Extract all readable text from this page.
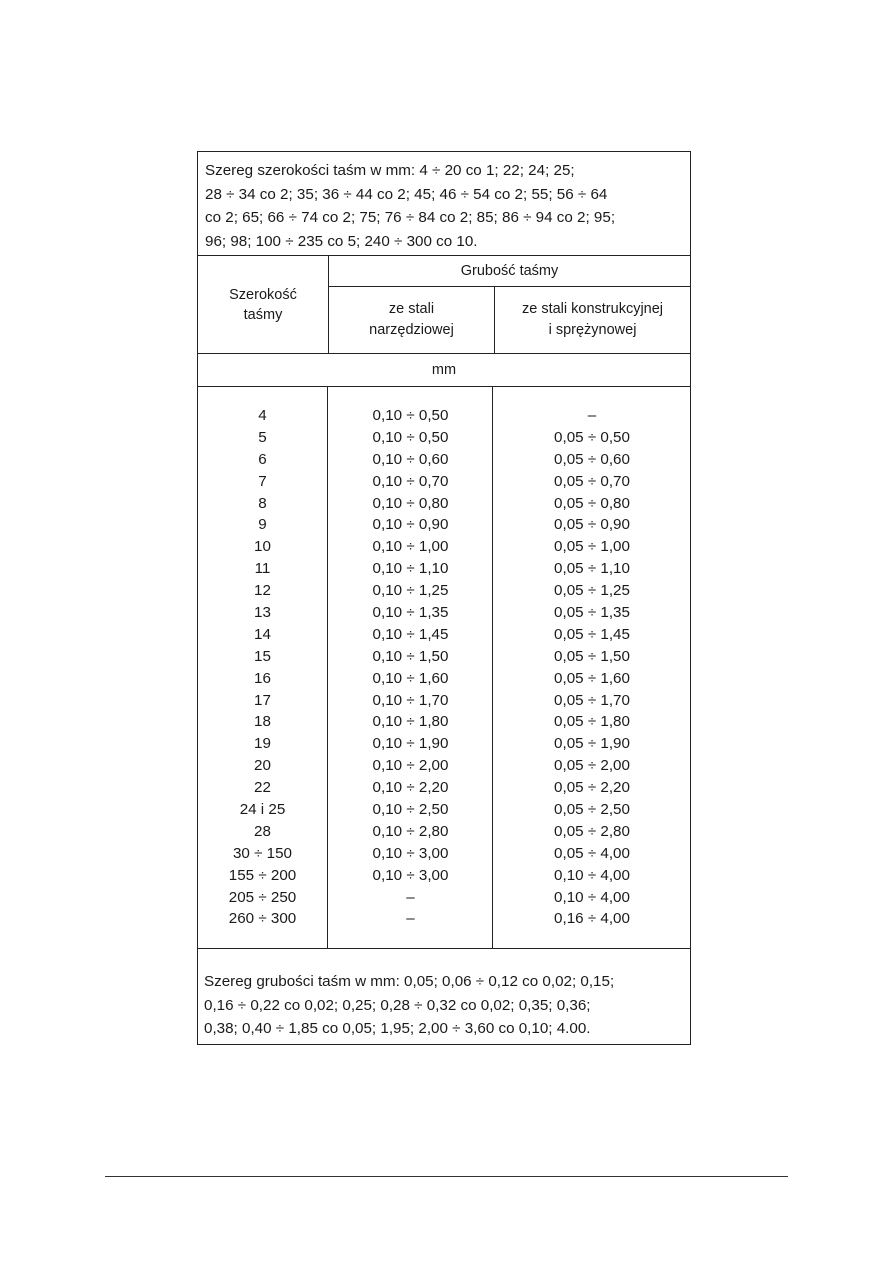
Szereg szerokości taśm w mm: 4 ÷ 20 co 1; 22; 24; 25;
28 ÷ 34 co 2; 35; 36 ÷ 44 co 2; 45; 46 ÷ 54 co 2; 55; 56 ÷ 64
co 2; 65; 66 ÷ 74 co 2; 75; 76 ÷ 84 co 2; 85; 86 ÷ 94 co 2; 95;
96; 98; 100 ÷ 235 co 5; 240 ÷ 300 co 10.
Szerokość
taśmy
Grubość taśmy
ze stali
narzędziowej
ze stali konstrukcyjnej
i sprężynowej
mm
4	0,10 ÷ 0,50	–
5	0,10 ÷ 0,50	0,05 ÷ 0,50
6	0,10 ÷ 0,60	0,05 ÷ 0,60
7	0,10 ÷ 0,70	0,05 ÷ 0,70
8	0,10 ÷ 0,80	0,05 ÷ 0,80
9	0,10 ÷ 0,90	0,05 ÷ 0,90
10	0,10 ÷ 1,00	0,05 ÷ 1,00
11	0,10 ÷ 1,10	0,05 ÷ 1,10
12	0,10 ÷ 1,25	0,05 ÷ 1,25
13	0,10 ÷ 1,35	0,05 ÷ 1,35
14	0,10 ÷ 1,45	0,05 ÷ 1,45
15	0,10 ÷ 1,50	0,05 ÷ 1,50
16	0,10 ÷ 1,60	0,05 ÷ 1,60
17	0,10 ÷ 1,70	0,05 ÷ 1,70
18	0,10 ÷ 1,80	0,05 ÷ 1,80
19	0,10 ÷ 1,90	0,05 ÷ 1,90
20	0,10 ÷ 2,00	0,05 ÷ 2,00
22	0,10 ÷ 2,20	0,05 ÷ 2,20
24 i 25	0,10 ÷ 2,50	0,05 ÷ 2,50
28	0,10 ÷ 2,80	0,05 ÷ 2,80
30 ÷ 150	0,10 ÷ 3,00	0,05 ÷ 4,00
155 ÷ 200	0,10 ÷ 3,00	0,10 ÷ 4,00
205 ÷ 250	–	0,10 ÷ 4,00
260 ÷ 300	–	0,16 ÷ 4,00
Szereg grubości taśm w mm: 0,05; 0,06 ÷ 0,12 co 0,02; 0,15;
0,16 ÷ 0,22 co 0,02; 0,25; 0,28 ÷ 0,32 co 0,02; 0,35; 0,36;
0,38; 0,40 ÷ 1,85 co 0,05; 1,95; 2,00 ÷ 3,60 co 0,10; 4.00.
